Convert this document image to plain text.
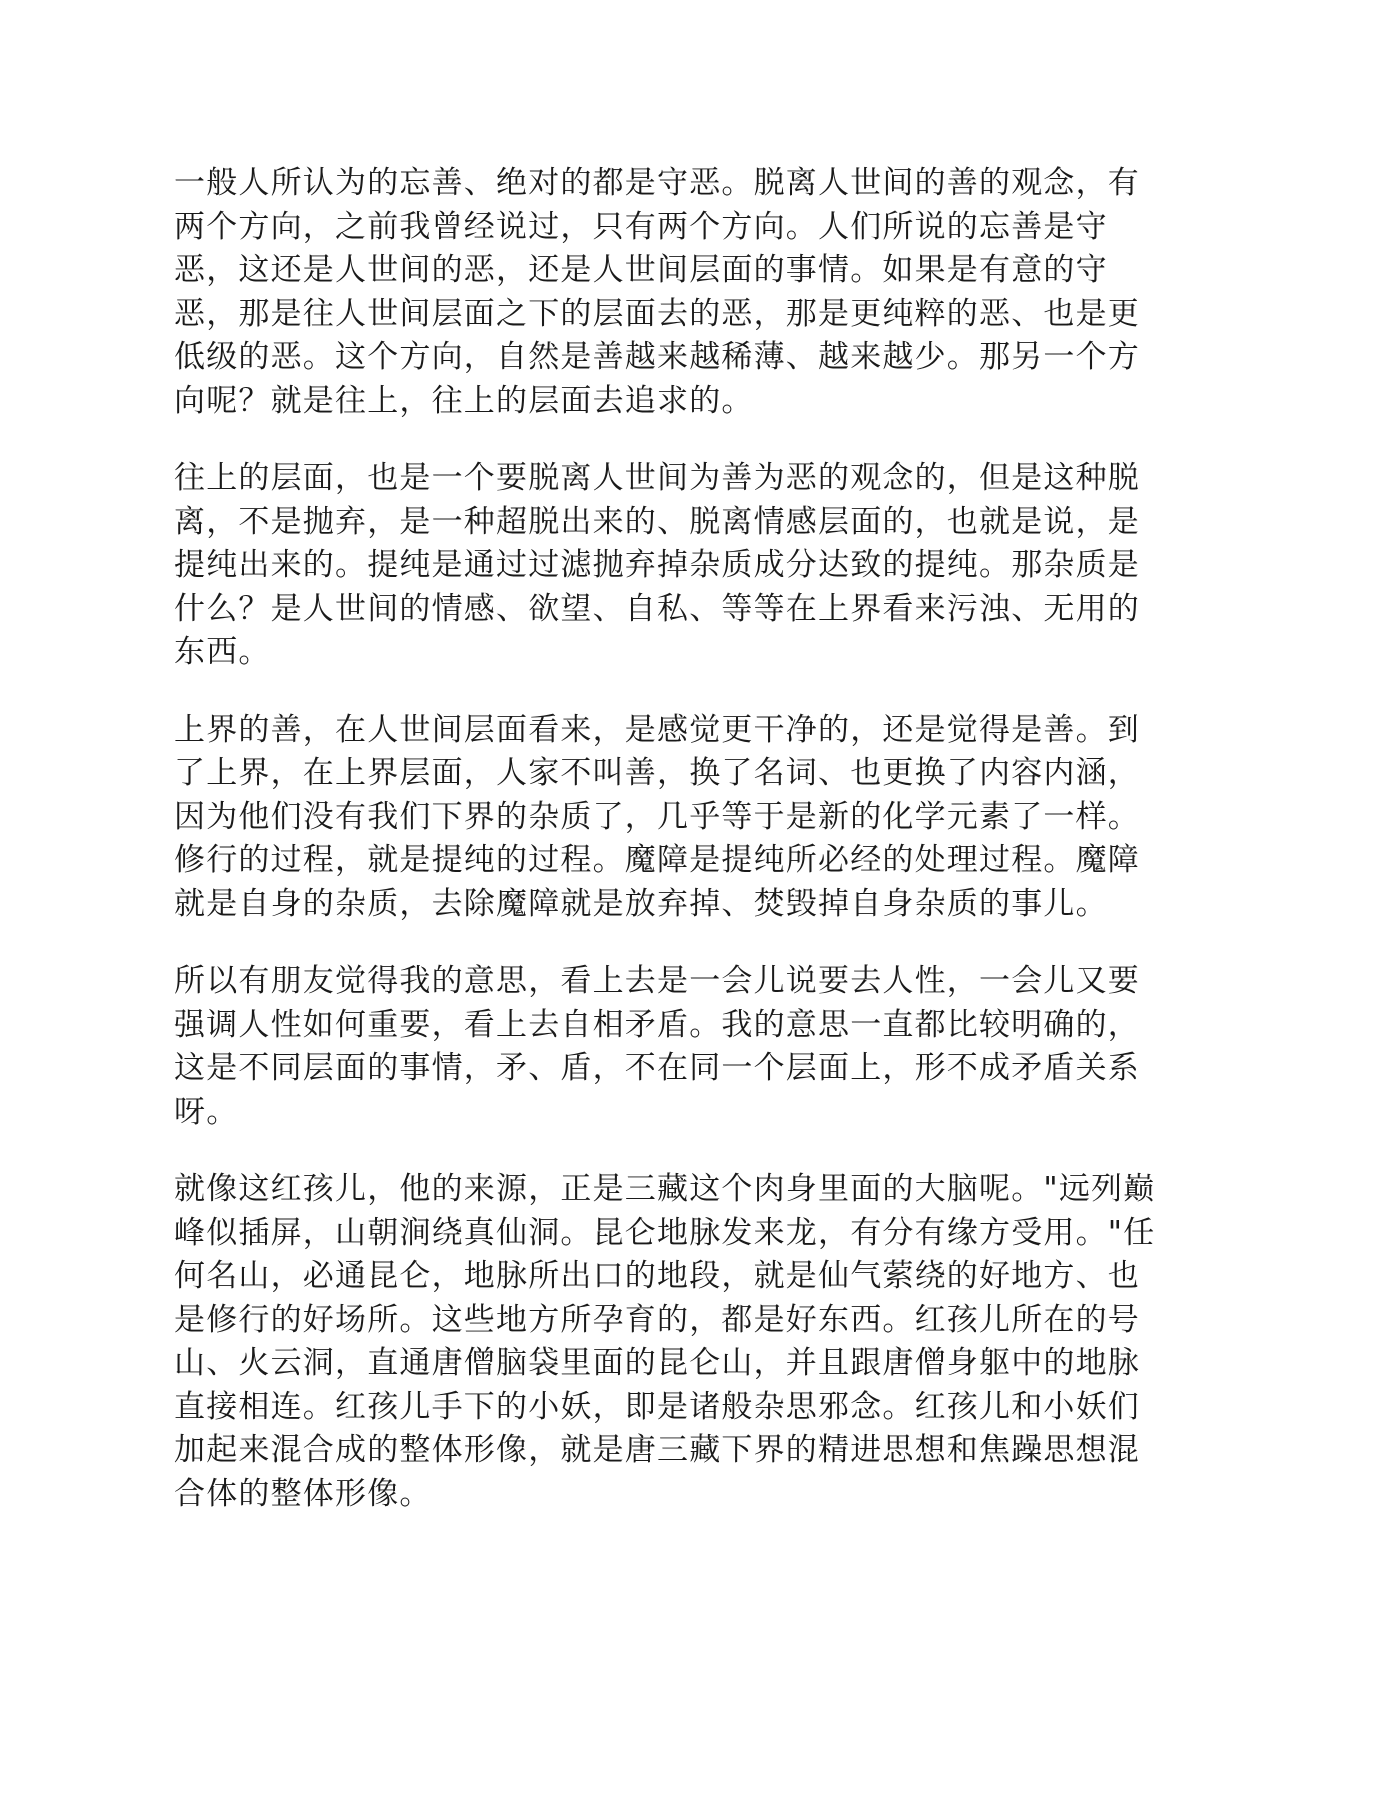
一般人所认为的忘善、绝对的都是守恶。脱离人世间的善的观念，有
两个方向，之前我曾经说过，只有两个方向。人们所说的忘善是守
恶，这还是人世间的恶，还是人世间层面的事情。如果是有意的守
恶，那是往人世间层面之下的层面去的恶，那是更纯粹的恶、也是更
低级的恶。这个方向，自然是善越来越稀薄、越来越少。那另一个方
向呢？就是往上，往上的层面去追求的。

往上的层面，也是一个要脱离人世间为善为恶的观念的，但是这种脱
离，不是抛弃，是一种超脱出来的、脱离情感层面的，也就是说，是
提纯出来的。提纯是通过过滤抛弃掉杂质成分达致的提纯。那杂质是
什么？是人世间的情感、欲望、自私、等等在上界看来污浊、无用的
东西。

上界的善，在人世间层面看来，是感觉更干净的，还是觉得是善。到
了上界，在上界层面，人家不叫善，换了名词、也更换了内容内涵，
因为他们没有我们下界的杂质了，几乎等于是新的化学元素了一样。
修行的过程，就是提纯的过程。魔障是提纯所必经的处理过程。魔障
就是自身的杂质，去除魔障就是放弃掉、焚毁掉自身杂质的事儿。

所以有朋友觉得我的意思，看上去是一会儿说要去人性，一会儿又要
强调人性如何重要，看上去自相矛盾。我的意思一直都比较明确的，
这是不同层面的事情，矛、盾，不在同一个层面上，形不成矛盾关系
呀。

就像这红孩儿，他的来源，正是三藏这个肉身里面的大脑呢。"远列巅
峰似插屏，山朝涧绕真仙洞。昆仑地脉发来龙，有分有缘方受用。"任
何名山，必通昆仑，地脉所出口的地段，就是仙气萦绕的好地方、也
是修行的好场所。这些地方所孕育的，都是好东西。红孩儿所在的号
山、火云洞，直通唐僧脑袋里面的昆仑山，并且跟唐僧身躯中的地脉
直接相连。红孩儿手下的小妖，即是诸般杂思邪念。红孩儿和小妖们
加起来混合成的整体形像，就是唐三藏下界的精进思想和焦躁思想混
合体的整体形像。
